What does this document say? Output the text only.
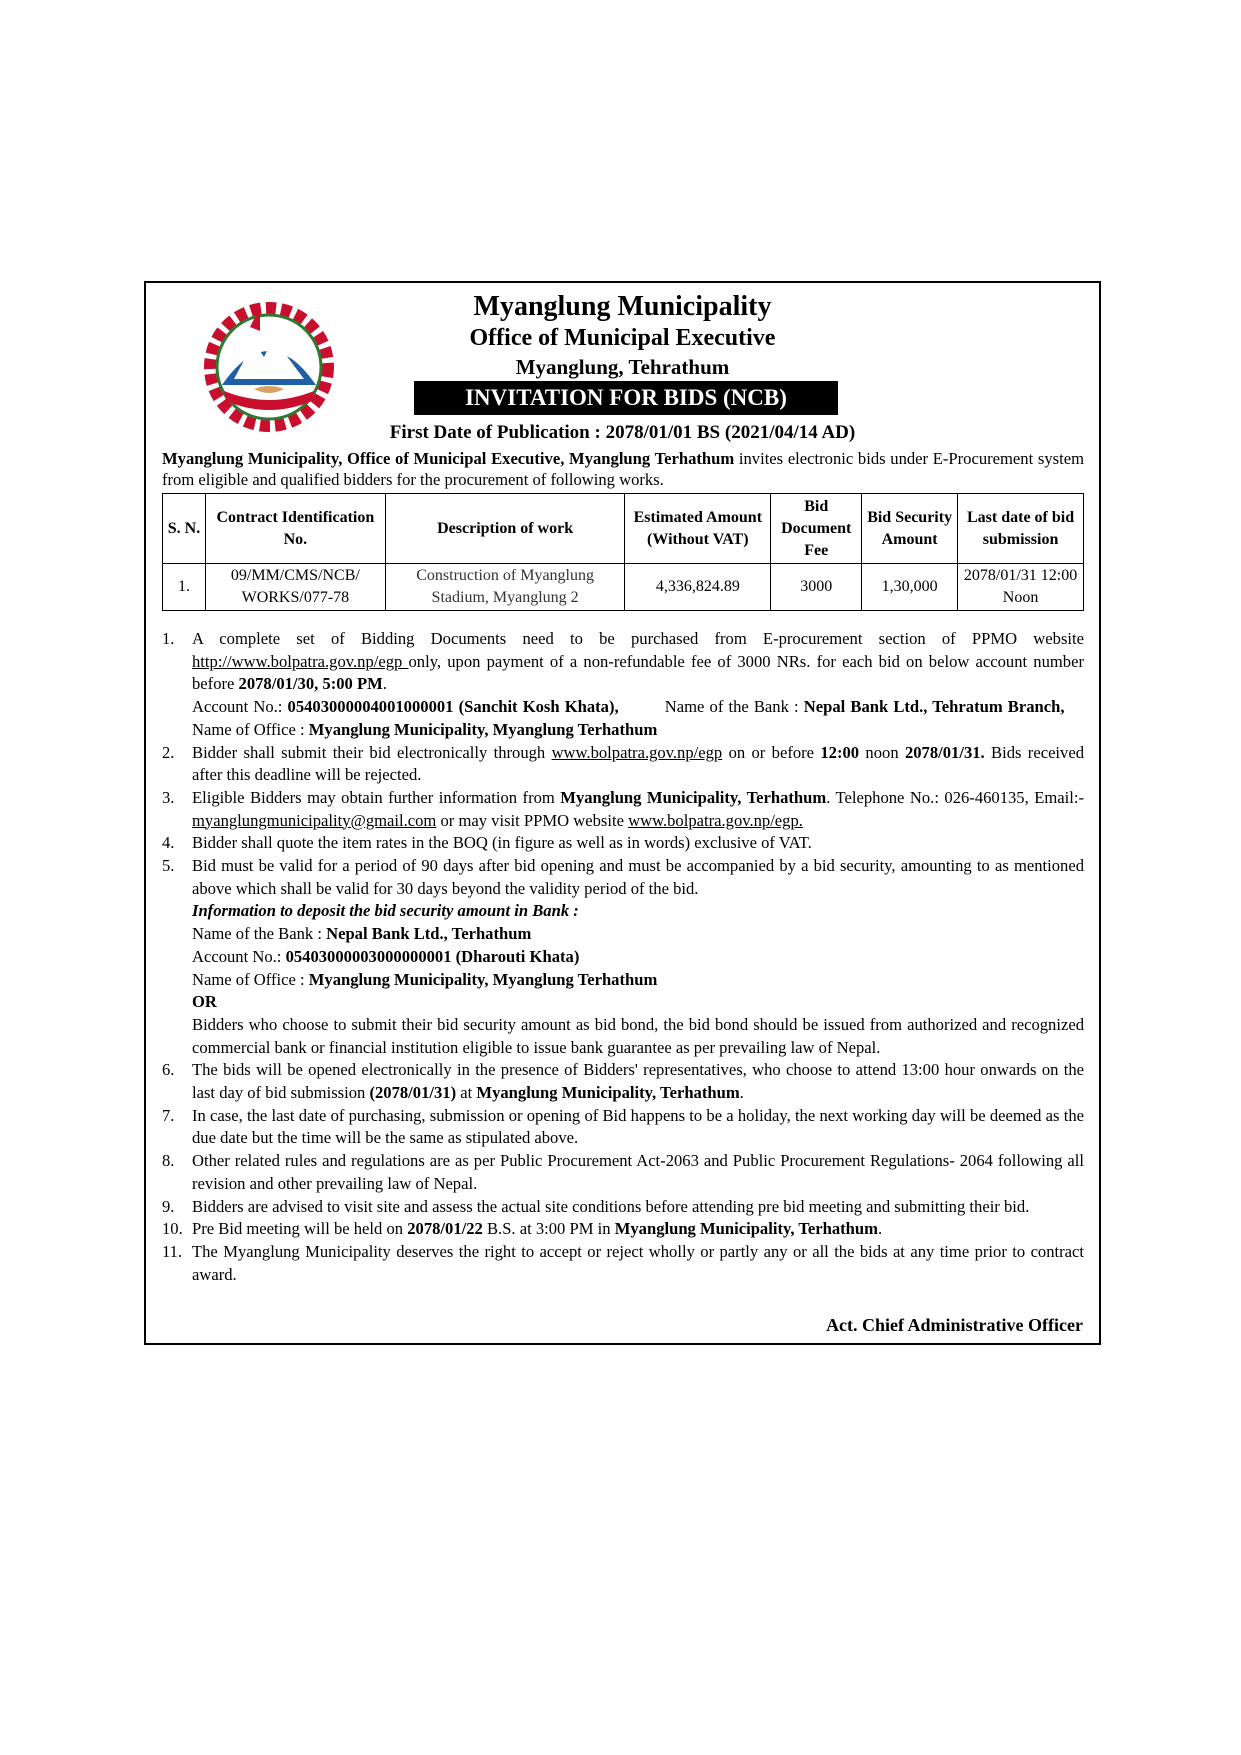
Myanglung Municipality
Office of Municipal Executive
Myanglung, Tehrathum
INVITATION FOR BIDS (NCB)
First Date of Publication : 2078/01/01 BS (2021/04/14 AD)
Myanglung Municipality, Office of Municipal Executive, Myanglung Terhathum invites electronic bids under E-Procurement system from eligible and qualified bidders for the procurement of following works.
S. N.	Contract Identification No.	Description of work	Estimated Amount (Without VAT)	Bid Document Fee	Bid Security Amount	Last date of bid submission
1.	09/MM/CMS/NCB/ WORKS/077-78	Construction of Myanglung Stadium, Myanglung 2	4,336,824.89	3000	1,30,000	2078/01/31 12:00 Noon
1.	A complete set of Bidding Documents need to be purchased from E-procurement section of PPMO website http://www.bolpatra.gov.np/egp only, upon payment of a non-refundable fee of 3000 NRs. for each bid on below account number before 2078/01/30, 5:00 PM.

Account No.: 05403000004001000001 (Sanchit Kosh Khata),	Name of the Bank : Nepal Bank Ltd., Tehratum Branch,     Name of Office : Myanglung Municipality, Myanglung Terhathum

2.	Bidder shall submit their bid electronically through www.bolpatra.gov.np/egp on or before 12:00 noon 2078/01/31. Bids received after this deadline will be rejected.

3.	Eligible Bidders may obtain further information from Myanglung Municipality, Terhathum. Telephone No.: 026-460135, Email:- myanglungmunicipality@gmail.com or may visit PPMO website www.bolpatra.gov.np/egp.

4.	Bidder shall quote the item rates in the BOQ (in figure as well as in words) exclusive of VAT.

5.	Bid must be valid for a period of 90 days after bid opening and must be accompanied by a bid security, amounting to as mentioned above which shall be valid for 30 days beyond the validity period of the bid.

Information to deposit the bid security amount in Bank :

Name of the Bank : Nepal Bank Ltd., Terhathum

Account No.: 05403000003000000001 (Dharouti Khata)

Name of Office : Myanglung Municipality, Myanglung Terhathum

OR

Bidders who choose to submit their bid security amount as bid bond, the bid bond should be issued from authorized and recognized commercial bank or financial institution eligible to issue bank guarantee as per prevailing law of Nepal.

6.	The bids will be opened electronically in the presence of Bidders' representatives, who choose to attend 13:00 hour onwards on the last day of bid submission (2078/01/31) at Myanglung Municipality, Terhathum.

7.	In case, the last date of purchasing, submission or opening of Bid happens to be a holiday, the next working day will be deemed as the due date but the time will be the same as stipulated above.

8.	Other related rules and regulations are as per Public Procurement Act-2063 and Public Procurement Regulations- 2064 following all revision and other prevailing law of Nepal.

9.	Bidders are advised to visit site and assess the actual site conditions before attending pre bid meeting and submitting their bid.

10. Pre Bid meeting will be held on 2078/01/22 B.S. at 3:00 PM in Myanglung Municipality, Terhathum.

11. The Myanglung Municipality deserves the right to accept or reject wholly or partly any or all the bids at any time prior to contract award.

Act. Chief Administrative Officer
